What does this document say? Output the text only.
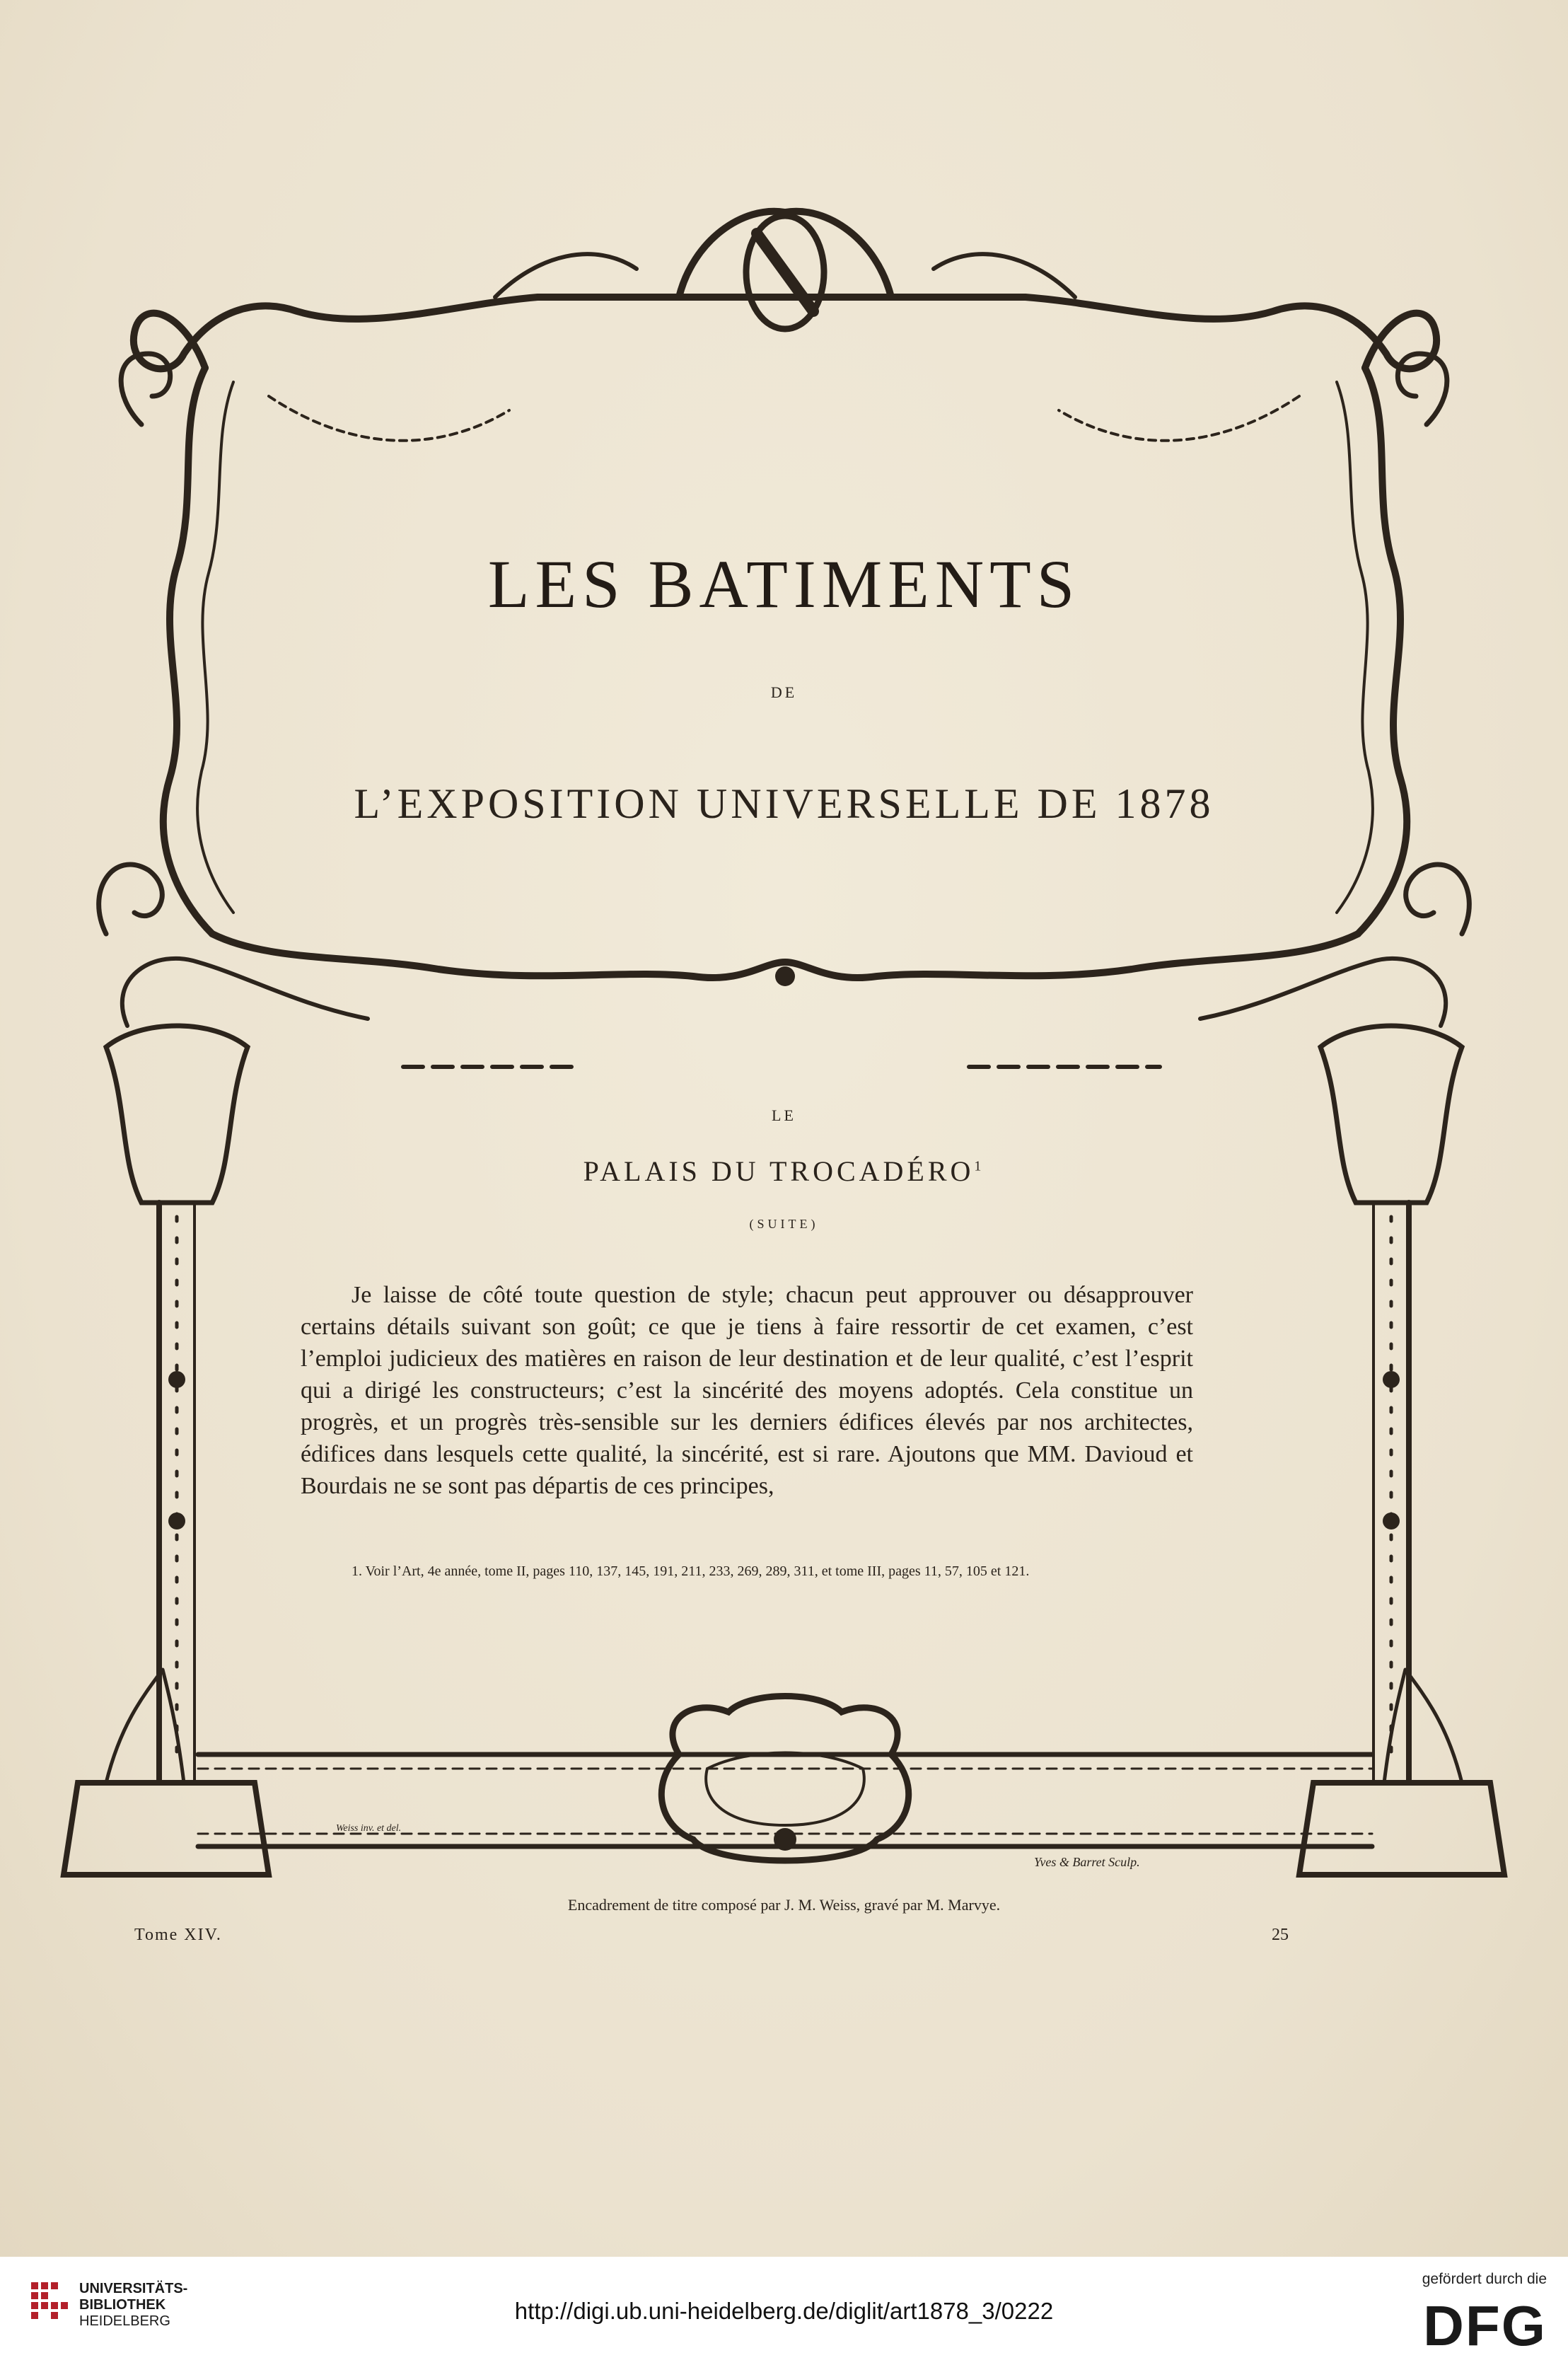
LES BATIMENTS
DE
L’EXPOSITION UNIVERSELLE DE 1878
LE
PALAIS DU TROCADÉRO$^1$
(SUITE)

Je laisse de côté toute question de style; chacun peut approuver ou désapprouver certains détails suivant son goût; ce que je tiens à faire ressortir de cet examen, c’est l’emploi judicieux des matières en raison de leur destination et de leur qualité, c’est l’esprit qui a dirigé les constructeurs; c’est la sincérité des moyens adoptés. Cela constitue un progrès, et un progrès très-sensible sur les derniers édifices élevés par nos architectes, édifices dans lesquels cette qualité, la sincérité, est si rare. Ajoutons que MM. Davioud et Bourdais ne se sont pas départis de ces principes,

1. Voir l’Art, 4e année, tome II, pages 110, 137, 145, 191, 211, 233, 269, 289, 311, et tome III, pages 11, 57, 105 et 121.

Weiss inv. et del.
Yves & Barret Sculp.
Encadrement de titre composé par J. M. Weiss, gravé par M. Marvye.
Tome XIV.	25
UNIVERSITÄTS-
BIBLIOTHEK
HEIDELBERG	http://digi.ub.uni-heidelberg.de/diglit/art1878_3/0222
gefördert durch die
DFG
